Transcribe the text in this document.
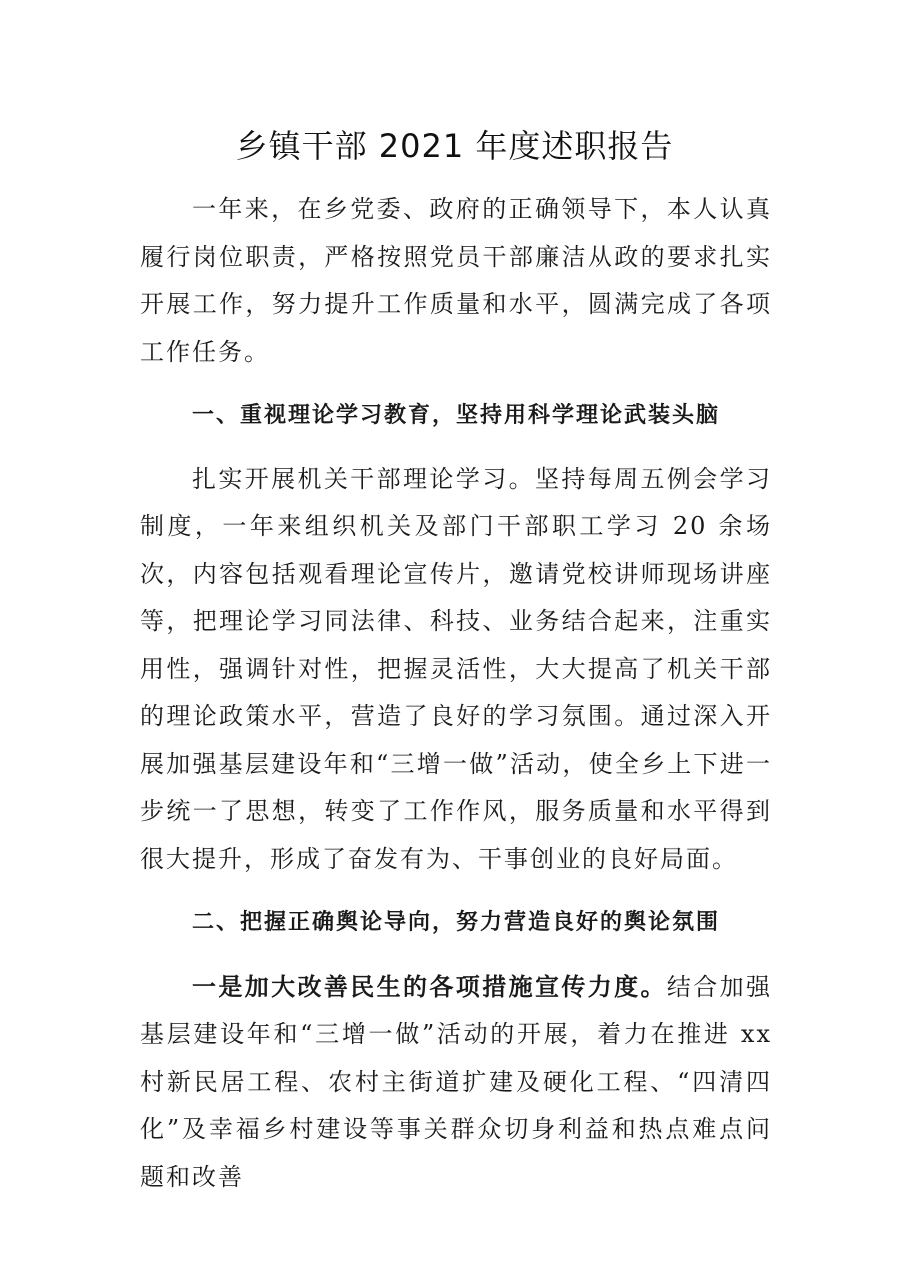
乡镇干部 2021 年度述职报告

一年来，在乡党委、政府的正确领导下，本人认真履行岗位职责，严格按照党员干部廉洁从政的要求扎实开展工作，努力提升工作质量和水平，圆满完成了各项工作任务。

一、重视理论学习教育，坚持用科学理论武装头脑

扎实开展机关干部理论学习。坚持每周五例会学习制度，一年来组织机关及部门干部职工学习 20 余场次，内容包括观看理论宣传片，邀请党校讲师现场讲座等，把理论学习同法律、科技、业务结合起来，注重实用性，强调针对性，把握灵活性，大大提高了机关干部的理论政策水平，营造了良好的学习氛围。通过深入开展加强基层建设年和“三增一做”活动，使全乡上下进一步统一了思想，转变了工作作风，服务质量和水平得到很大提升，形成了奋发有为、干事创业的良好局面。

二、把握正确舆论导向，努力营造良好的舆论氛围

一是加大改善民生的各项措施宣传力度。结合加强基层建设年和“三增一做”活动的开展，着力在推进 xx 村新民居工程、农村主街道扩建及硬化工程、“四清四化”及幸福乡村建设等事关群众切身利益和热点难点问题和改善
